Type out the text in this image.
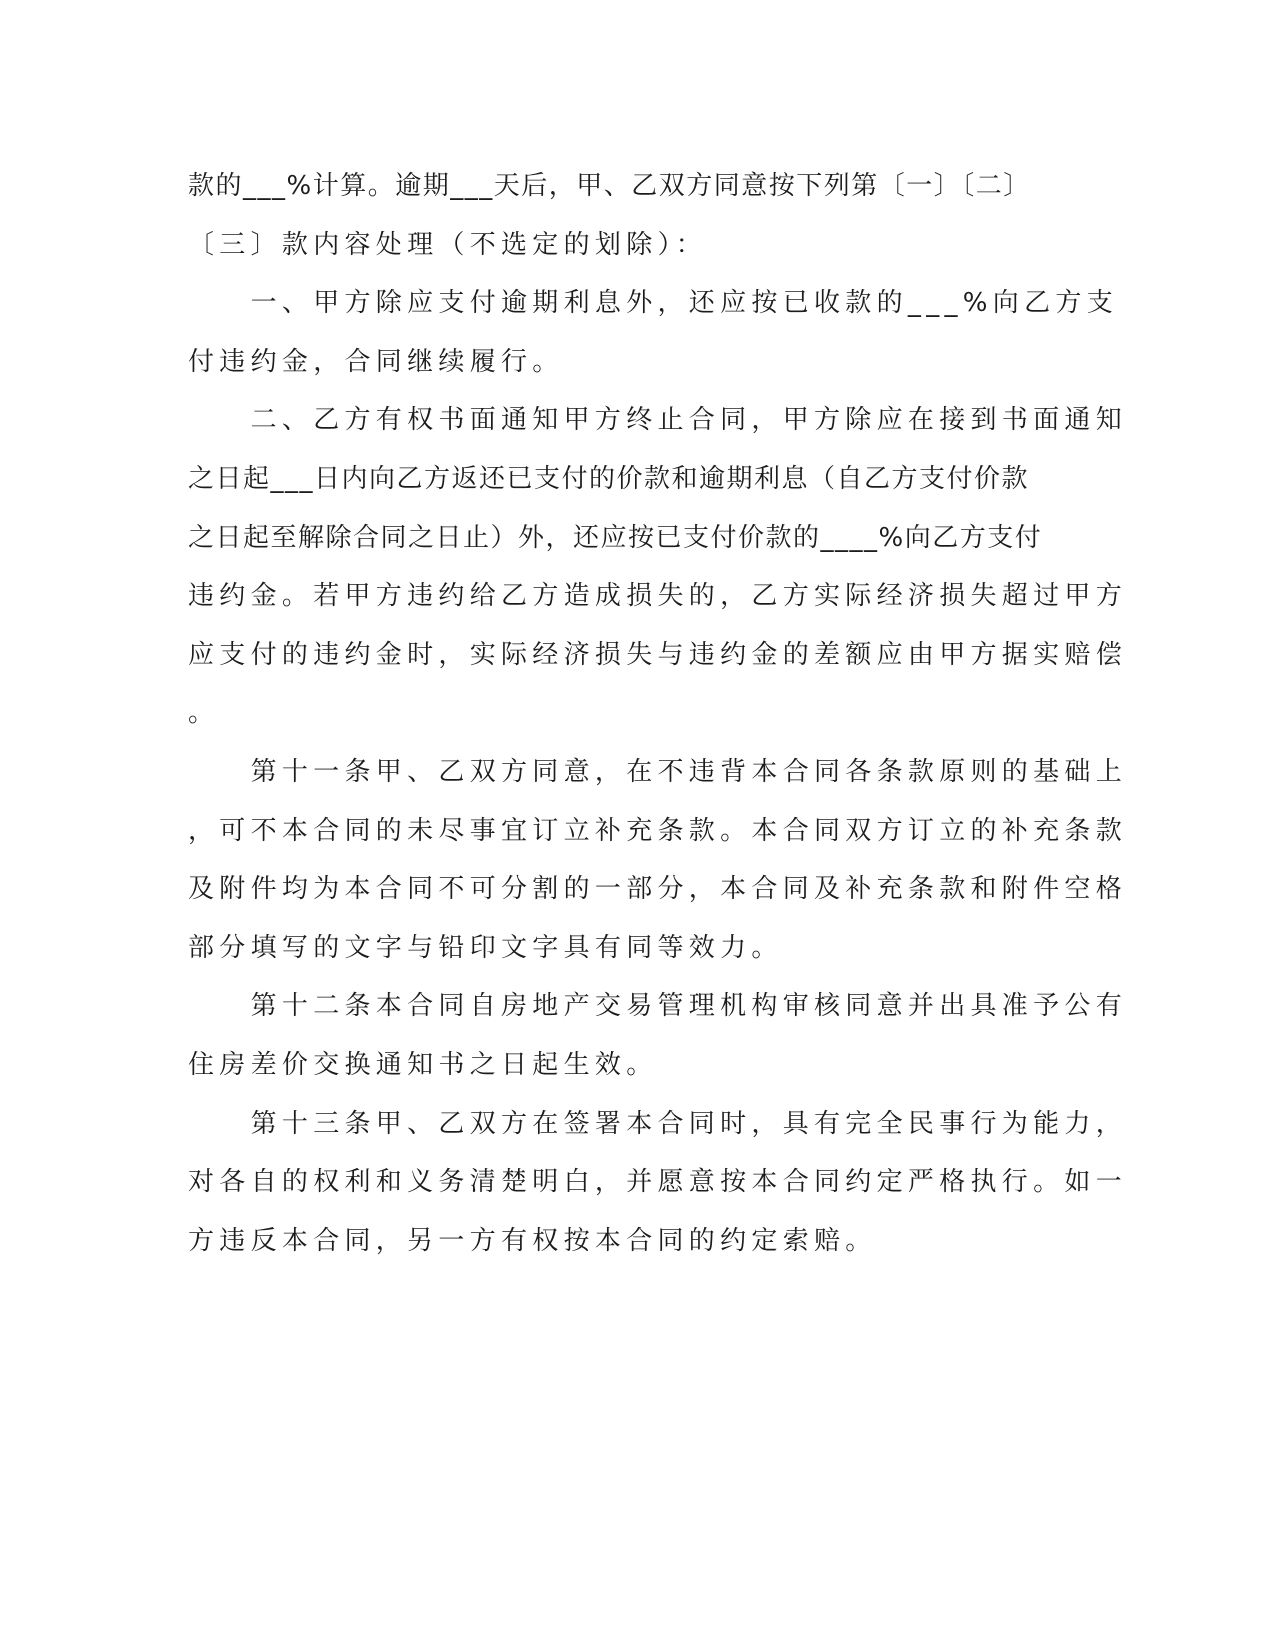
款的___%计算。逾期___天后，甲、乙双方同意按下列第〔一〕〔二〕
〔三〕款内容处理（不选定的划除）：
　　一、甲方除应支付逾期利息外，还应按已收款的___%向乙方支
付违约金，合同继续履行。
　　二、乙方有权书面通知甲方终止合同，甲方除应在接到书面通知
之日起___日内向乙方返还已支付的价款和逾期利息（自乙方支付价款
之日起至解除合同之日止）外，还应按已支付价款的____%向乙方支付
违约金。若甲方违约给乙方造成损失的，乙方实际经济损失超过甲方
应支付的违约金时，实际经济损失与违约金的差额应由甲方据实赔偿
。
　　第十一条甲、乙双方同意，在不违背本合同各条款原则的基础上
，可不本合同的未尽事宜订立补充条款。本合同双方订立的补充条款
及附件均为本合同不可分割的一部分，本合同及补充条款和附件空格
部分填写的文字与铅印文字具有同等效力。
　　第十二条本合同自房地产交易管理机构审核同意并出具准予公有
住房差价交换通知书之日起生效。
　　第十三条甲、乙双方在签署本合同时，具有完全民事行为能力，
对各自的权利和义务清楚明白，并愿意按本合同约定严格执行。如一
方违反本合同，另一方有权按本合同的约定索赔。
